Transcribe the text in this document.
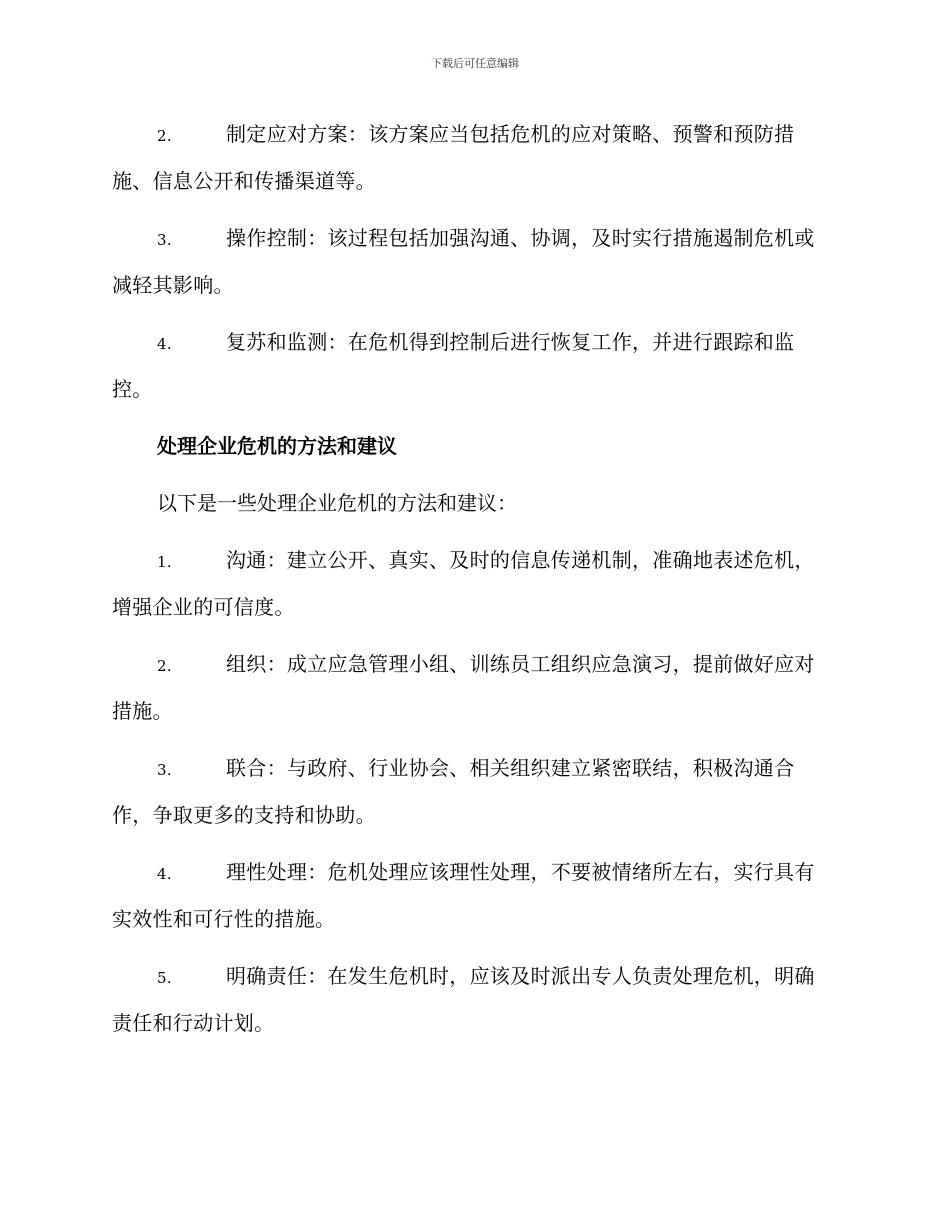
下载后可任意编辑
2.	制定应对方案：该方案应当包括危机的应对策略、预警和预防措施、信息公开和传播渠道等。
3.	操作控制：该过程包括加强沟通、协调，及时实行措施遏制危机或减轻其影响。
4.	复苏和监测：在危机得到控制后进行恢复工作，并进行跟踪和监控。
处理企业危机的方法和建议
以下是一些处理企业危机的方法和建议：
1.	沟通：建立公开、真实、及时的信息传递机制，准确地表述危机，增强企业的可信度。
2.	组织：成立应急管理小组、训练员工组织应急演习，提前做好应对措施。
3.	联合：与政府、行业协会、相关组织建立紧密联结，积极沟通合作，争取更多的支持和协助。
4.	理性处理：危机处理应该理性处理，不要被情绪所左右，实行具有实效性和可行性的措施。
5.	明确责任：在发生危机时，应该及时派出专人负责处理危机，明确责任和行动计划。
